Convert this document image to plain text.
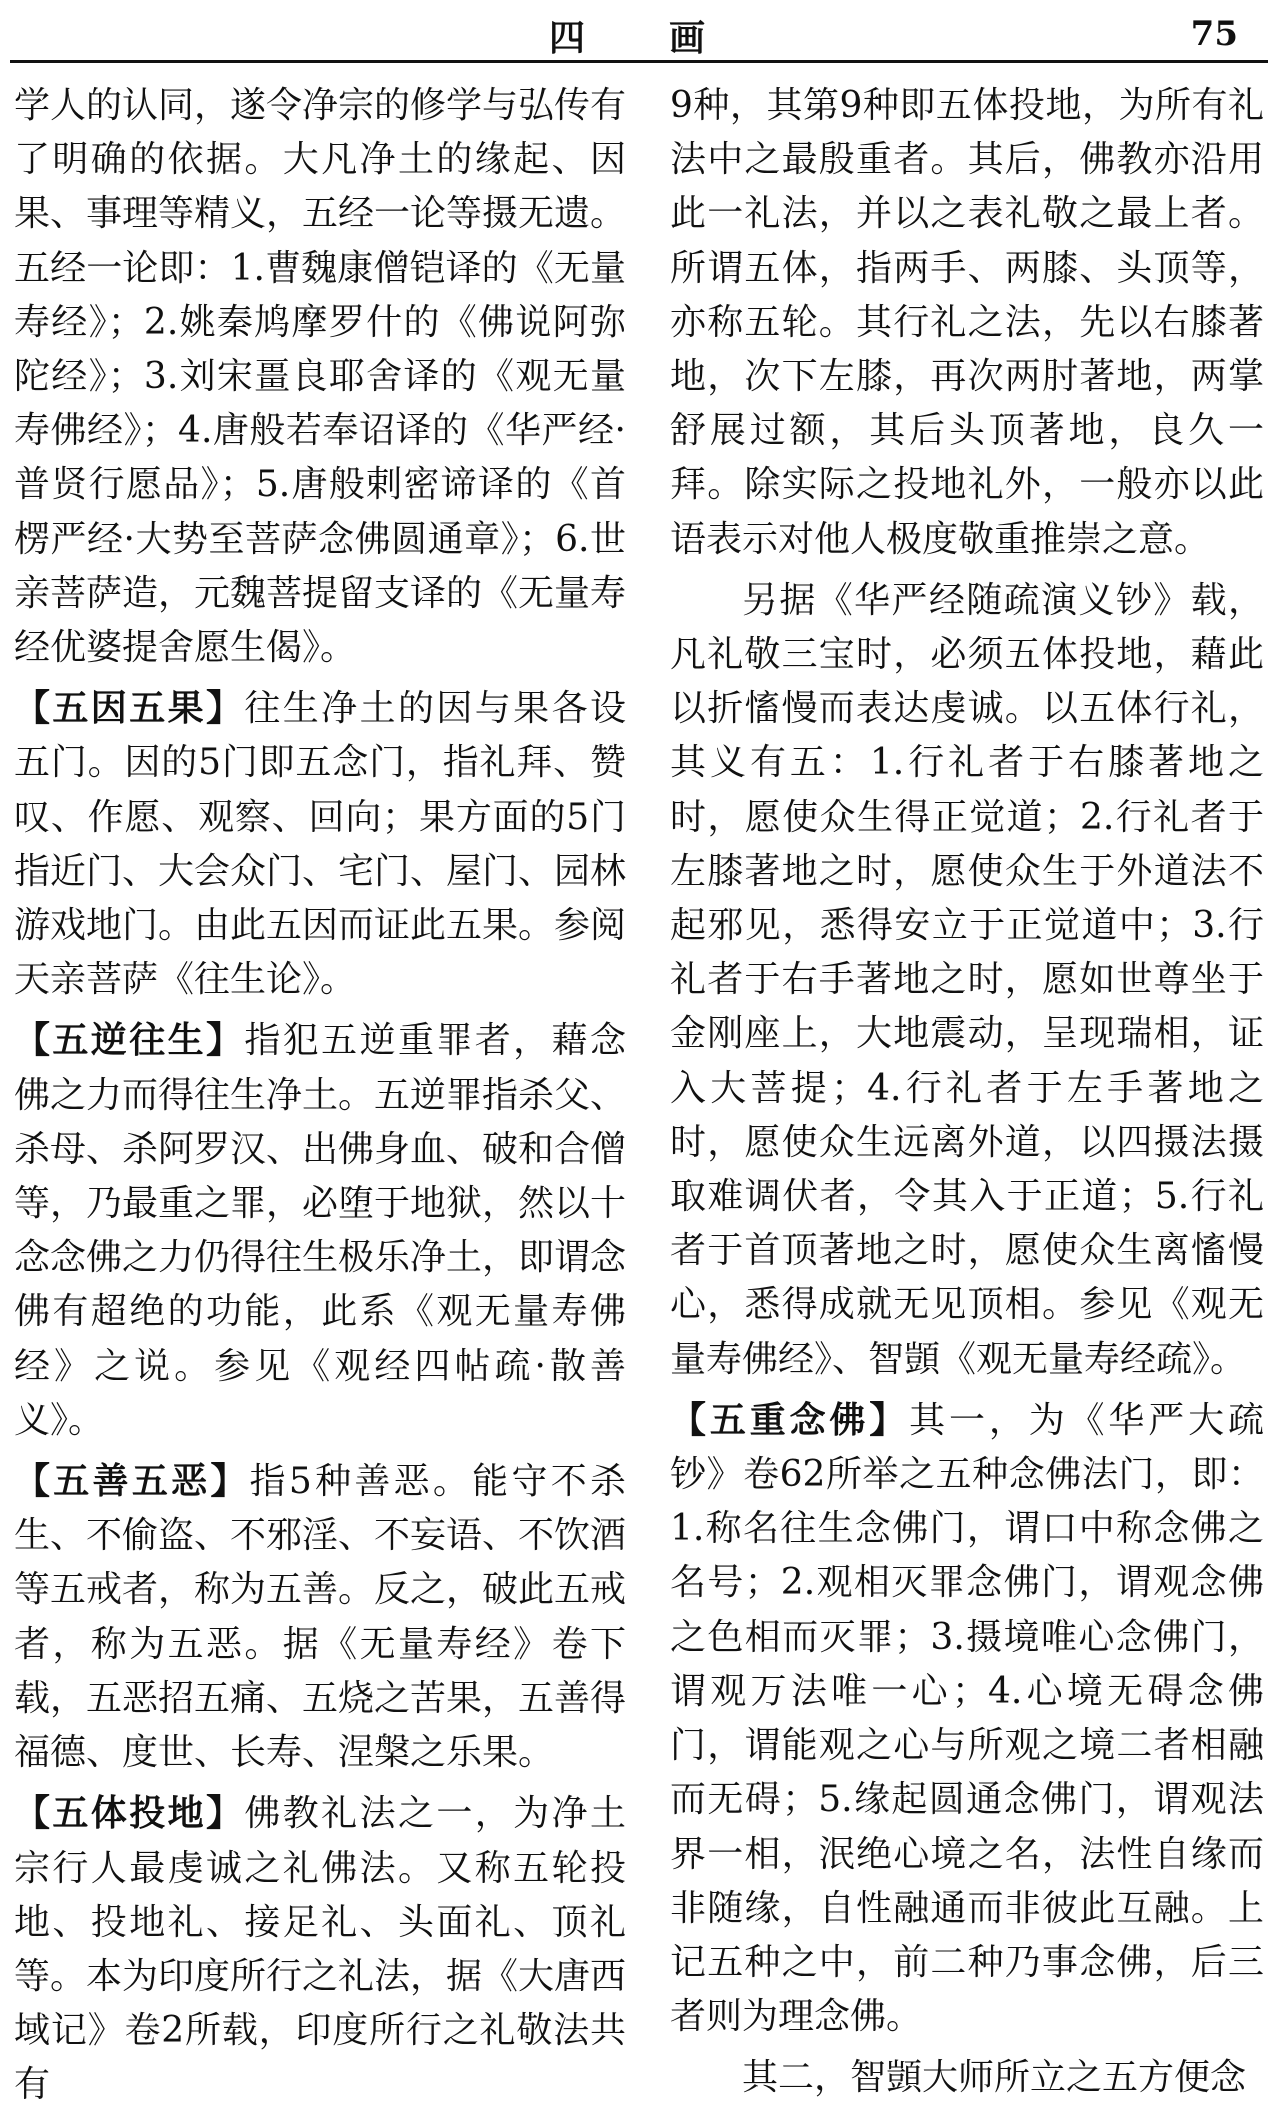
四　画	75

学人的认同，遂令净宗的修学与弘传有了明确的依据。大凡净土的缘起、因果、事理等精义，五经一论等摄无遗。五经一论即：1.曹魏康僧铠译的《无量寿经》；2.姚秦鸠摩罗什的《佛说阿弥陀经》；3.刘宋畺良耶舍译的《观无量寿佛经》；4.唐般若奉诏译的《华严经·普贤行愿品》；5.唐般剌密谛译的《首楞严经·大势至菩萨念佛圆通章》；6.世亲菩萨造，元魏菩提留支译的《无量寿经优婆提舍愿生偈》。

【五因五果】往生净土的因与果各设五门。因的5门即五念门，指礼拜、赞叹、作愿、观察、回向；果方面的5门指近门、大会众门、宅门、屋门、园林游戏地门。由此五因而证此五果。参阅天亲菩萨《往生论》。

【五逆往生】指犯五逆重罪者，藉念佛之力而得往生净土。五逆罪指杀父、杀母、杀阿罗汉、出佛身血、破和合僧等，乃最重之罪，必堕于地狱，然以十念念佛之力仍得往生极乐净土，即谓念佛有超绝的功能，此系《观无量寿佛经》之说。参见《观经四帖疏·散善义》。

【五善五恶】指5种善恶。能守不杀生、不偷盗、不邪淫、不妄语、不饮酒等五戒者，称为五善。反之，破此五戒者，称为五恶。据《无量寿经》卷下载，五恶招五痛、五烧之苦果，五善得福德、度世、长寿、涅槃之乐果。

【五体投地】佛教礼法之一，为净土宗行人最虔诚之礼佛法。又称五轮投地、投地礼、接足礼、头面礼、顶礼等。本为印度所行之礼法，据《大唐西域记》卷2所载，印度所行之礼敬法共有

9种，其第9种即五体投地，为所有礼法中之最殷重者。其后，佛教亦沿用此一礼法，并以之表礼敬之最上者。所谓五体，指两手、两膝、头顶等，亦称五轮。其行礼之法，先以右膝著地，次下左膝，再次两肘著地，两掌舒展过额，其后头顶著地，良久一拜。除实际之投地礼外，一般亦以此语表示对他人极度敬重推崇之意。

另据《华严经随疏演义钞》载，凡礼敬三宝时，必须五体投地，藉此以折慉慢而表达虔诚。以五体行礼，其义有五：1.行礼者于右膝著地之时，愿使众生得正觉道；2.行礼者于左膝著地之时，愿使众生于外道法不起邪见，悉得安立于正觉道中；3.行礼者于右手著地之时，愿如世尊坐于金刚座上，大地震动，呈现瑞相，证入大菩提；4.行礼者于左手著地之时，愿使众生远离外道，以四摄法摄取难调伏者，令其入于正道；5.行礼者于首顶著地之时，愿使众生离慉慢心，悉得成就无见顶相。参见《观无量寿佛经》、智顗《观无量寿经疏》。

【五重念佛】其一，为《华严大疏钞》卷62所举之五种念佛法门，即：1.称名往生念佛门，谓口中称念佛之名号；2.观相灭罪念佛门，谓观念佛之色相而灭罪；3.摄境唯心念佛门，谓观万法唯一心；4.心境无碍念佛门，谓能观之心与所观之境二者相融而无碍；5.缘起圆通念佛门，谓观法界一相，泯绝心境之名，法性自缘而非随缘，自性融通而非彼此互融。上记五种之中，前二种乃事念佛，后三者则为理念佛。

其二，智顗大师所立之五方便念
